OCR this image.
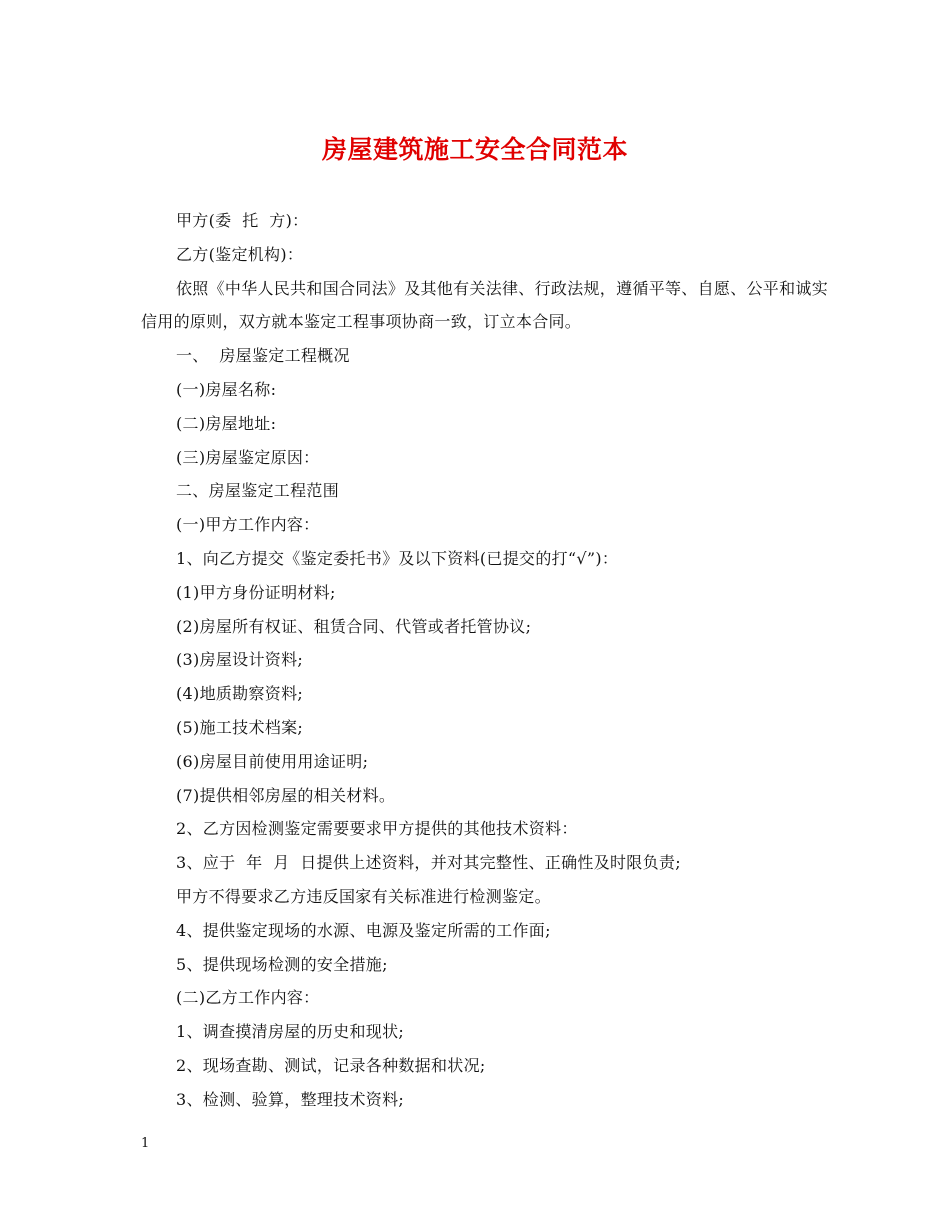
房屋建筑施工安全合同范本

甲方(委  托  方)：

乙方(鉴定机构)：

依照《中华人民共和国合同法》及其他有关法律、行政法规，遵循平等、自愿、公平和诚实信用的原则，双方就本鉴定工程事项协商一致，订立本合同。

一、  房屋鉴定工程概况

(一)房屋名称:

(二)房屋地址:

(三)房屋鉴定原因：

二、房屋鉴定工程范围

(一)甲方工作内容：

1、向乙方提交《鉴定委托书》及以下资料(已提交的打“√”)：

(1)甲方身份证明材料;

(2)房屋所有权证、租赁合同、代管或者托管协议;

(3)房屋设计资料;

(4)地质勘察资料;

(5)施工技术档案;

(6)房屋目前使用用途证明;

(7)提供相邻房屋的相关材料。

2、乙方因检测鉴定需要要求甲方提供的其他技术资料：

3、应于  年  月  日提供上述资料，并对其完整性、正确性及时限负责;

甲方不得要求乙方违反国家有关标准进行检测鉴定。

4、提供鉴定现场的水源、电源及鉴定所需的工作面;

5、提供现场检测的安全措施;

(二)乙方工作内容：

1、调查摸清房屋的历史和现状;

2、现场查勘、测试，记录各种数据和状况;

3、检测、验算，整理技术资料;

1
